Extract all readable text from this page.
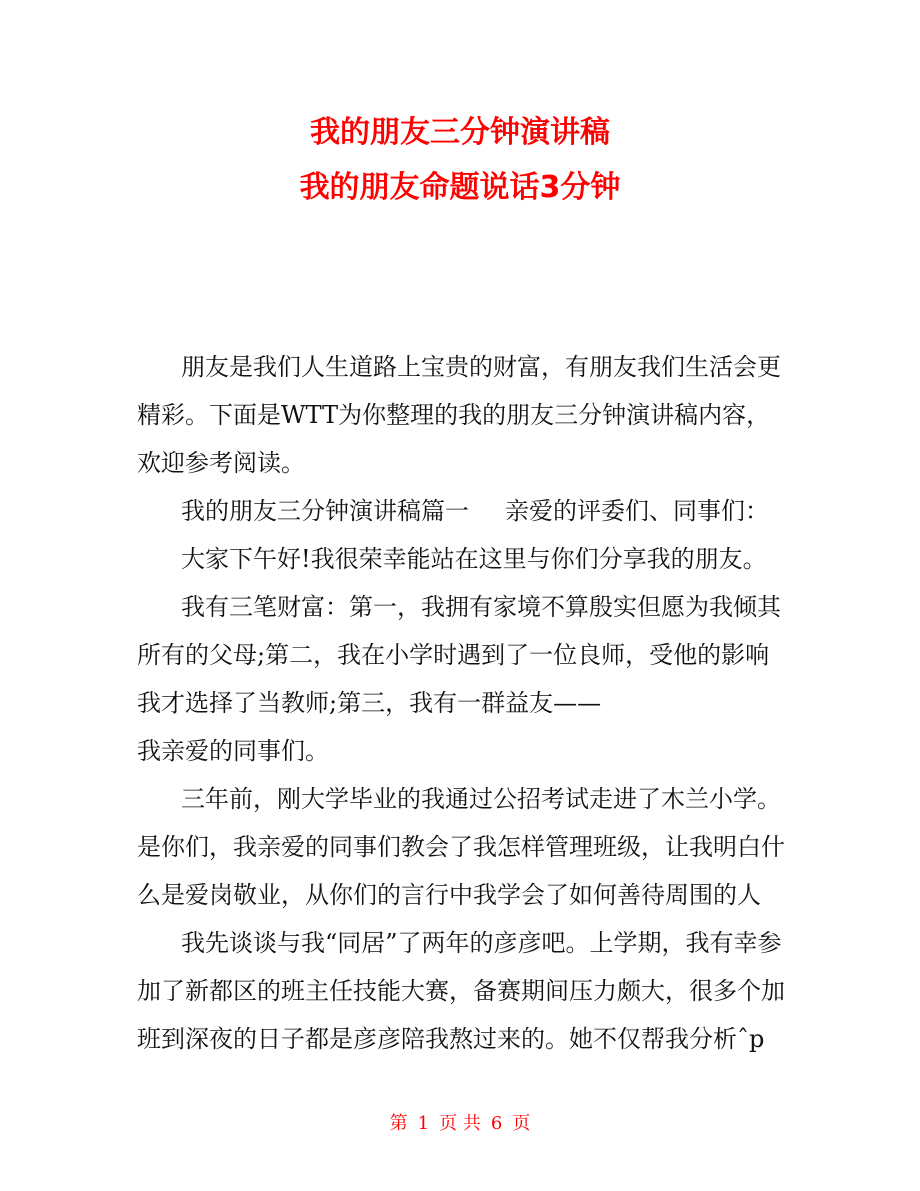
我的朋友三分钟演讲稿
我的朋友命题说话3分钟

朋友是我们人生道路上宝贵的财富，有朋友我们生活会更精彩。下面是WTT为你整理的我的朋友三分钟演讲稿内容，欢迎参考阅读。

我的朋友三分钟演讲稿篇一 亲爱的评委们、同事们：

大家下午好!我很荣幸能站在这里与你们分享我的朋友。

我有三笔财富：第一，我拥有家境不算殷实但愿为我倾其所有的父母;第二，我在小学时遇到了一位良师，受他的影响我才选择了当教师;第三，我有一群益友——

我亲爱的同事们。

三年前，刚大学毕业的我通过公招考试走进了木兰小学。是你们，我亲爱的同事们教会了我怎样管理班级，让我明白什么是爱岗敬业，从你们的言行中我学会了如何善待周围的人

我先谈谈与我“同居”了两年的彦彦吧。上学期，我有幸参加了新都区的班主任技能大赛，备赛期间压力颇大，很多个加班到深夜的日子都是彦彦陪我熬过来的。她不仅帮我分析ˆp

第 1 页 共 6 页
